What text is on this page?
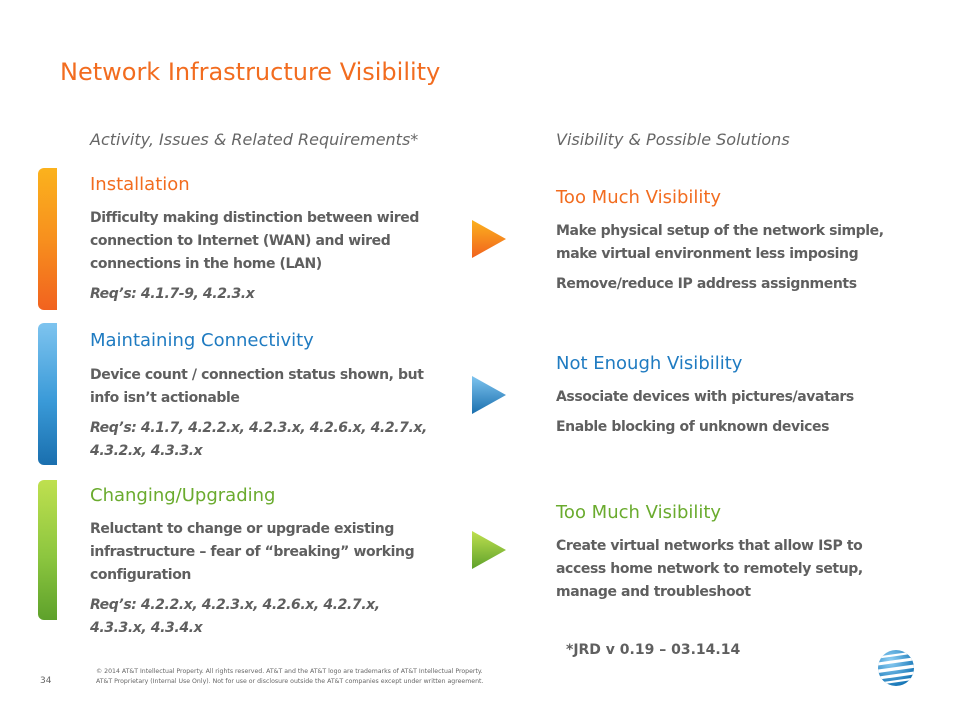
Network Infrastructure Visibility
Activity, Issues & Related Requirements*	Visibility & Possible Solutions
Installation
Difficulty making distinction between wired
connection to Internet (WAN) and wired
connections in the home (LAN)
Req’s: 4.1.7-9, 4.2.3.x
Too Much Visibility
Make physical setup of the network simple,
make virtual environment less imposing
Remove/reduce IP address assignments
Maintaining Connectivity
Device count / connection status shown, but
info isn’t actionable
Req’s: 4.1.7, 4.2.2.x, 4.2.3.x, 4.2.6.x, 4.2.7.x,
4.3.2.x, 4.3.3.x
Not Enough Visibility
Associate devices with pictures/avatars
Enable blocking of unknown devices
Changing/Upgrading
Reluctant to change or upgrade existing
infrastructure – fear of “breaking” working
configuration
Req’s: 4.2.2.x, 4.2.3.x, 4.2.6.x, 4.2.7.x,
4.3.3.x, 4.3.4.x
Too Much Visibility
Create virtual networks that allow ISP to
access home network to remotely setup,
manage and troubleshoot
*JRD v 0.19 – 03.14.14
34
© 2014 AT&T Intellectual Property. All rights reserved. AT&T and the AT&T logo are trademarks of AT&T Intellectual Property.
AT&T Proprietary (Internal Use Only). Not for use or disclosure outside the AT&T companies except under written agreement.
